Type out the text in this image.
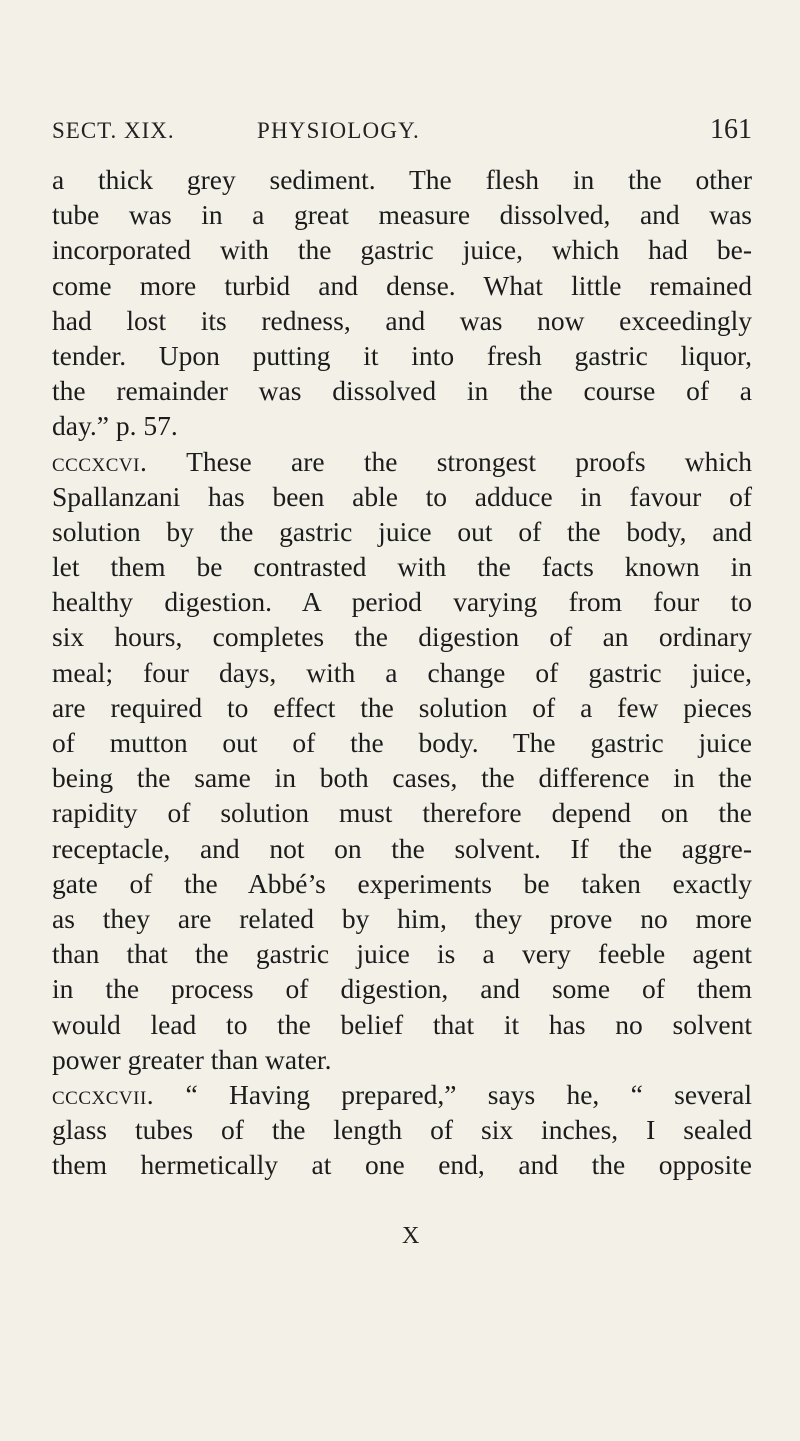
SECT. XIX.	PHYSIOLOGY.	161
a thick grey sediment. The flesh in the other
tube was in a great measure dissolved, and was
incorporated with the gastric juice, which had be-
come more turbid and dense. What little remained
had lost its redness, and was now exceedingly
tender. Upon putting it into fresh gastric liquor,
the remainder was dissolved in the course of a
day.” p. 57.
cccxcvi. These are the strongest proofs which
Spallanzani has been able to adduce in favour of
solution by the gastric juice out of the body, and
let them be contrasted with the facts known in
healthy digestion. A period varying from four to
six hours, completes the digestion of an ordinary
meal; four days, with a change of gastric juice,
are required to effect the solution of a few pieces
of mutton out of the body. The gastric juice
being the same in both cases, the difference in the
rapidity of solution must therefore depend on the
receptacle, and not on the solvent. If the aggre-
gate of the Abbé’s experiments be taken exactly
as they are related by him, they prove no more
than that the gastric juice is a very feeble agent
in the process of digestion, and some of them
would lead to the belief that it has no solvent
power greater than water.
cccxcvii. “ Having prepared,” says he, “ several
glass tubes of the length of six inches, I sealed
them hermetically at one end, and the opposite
X
